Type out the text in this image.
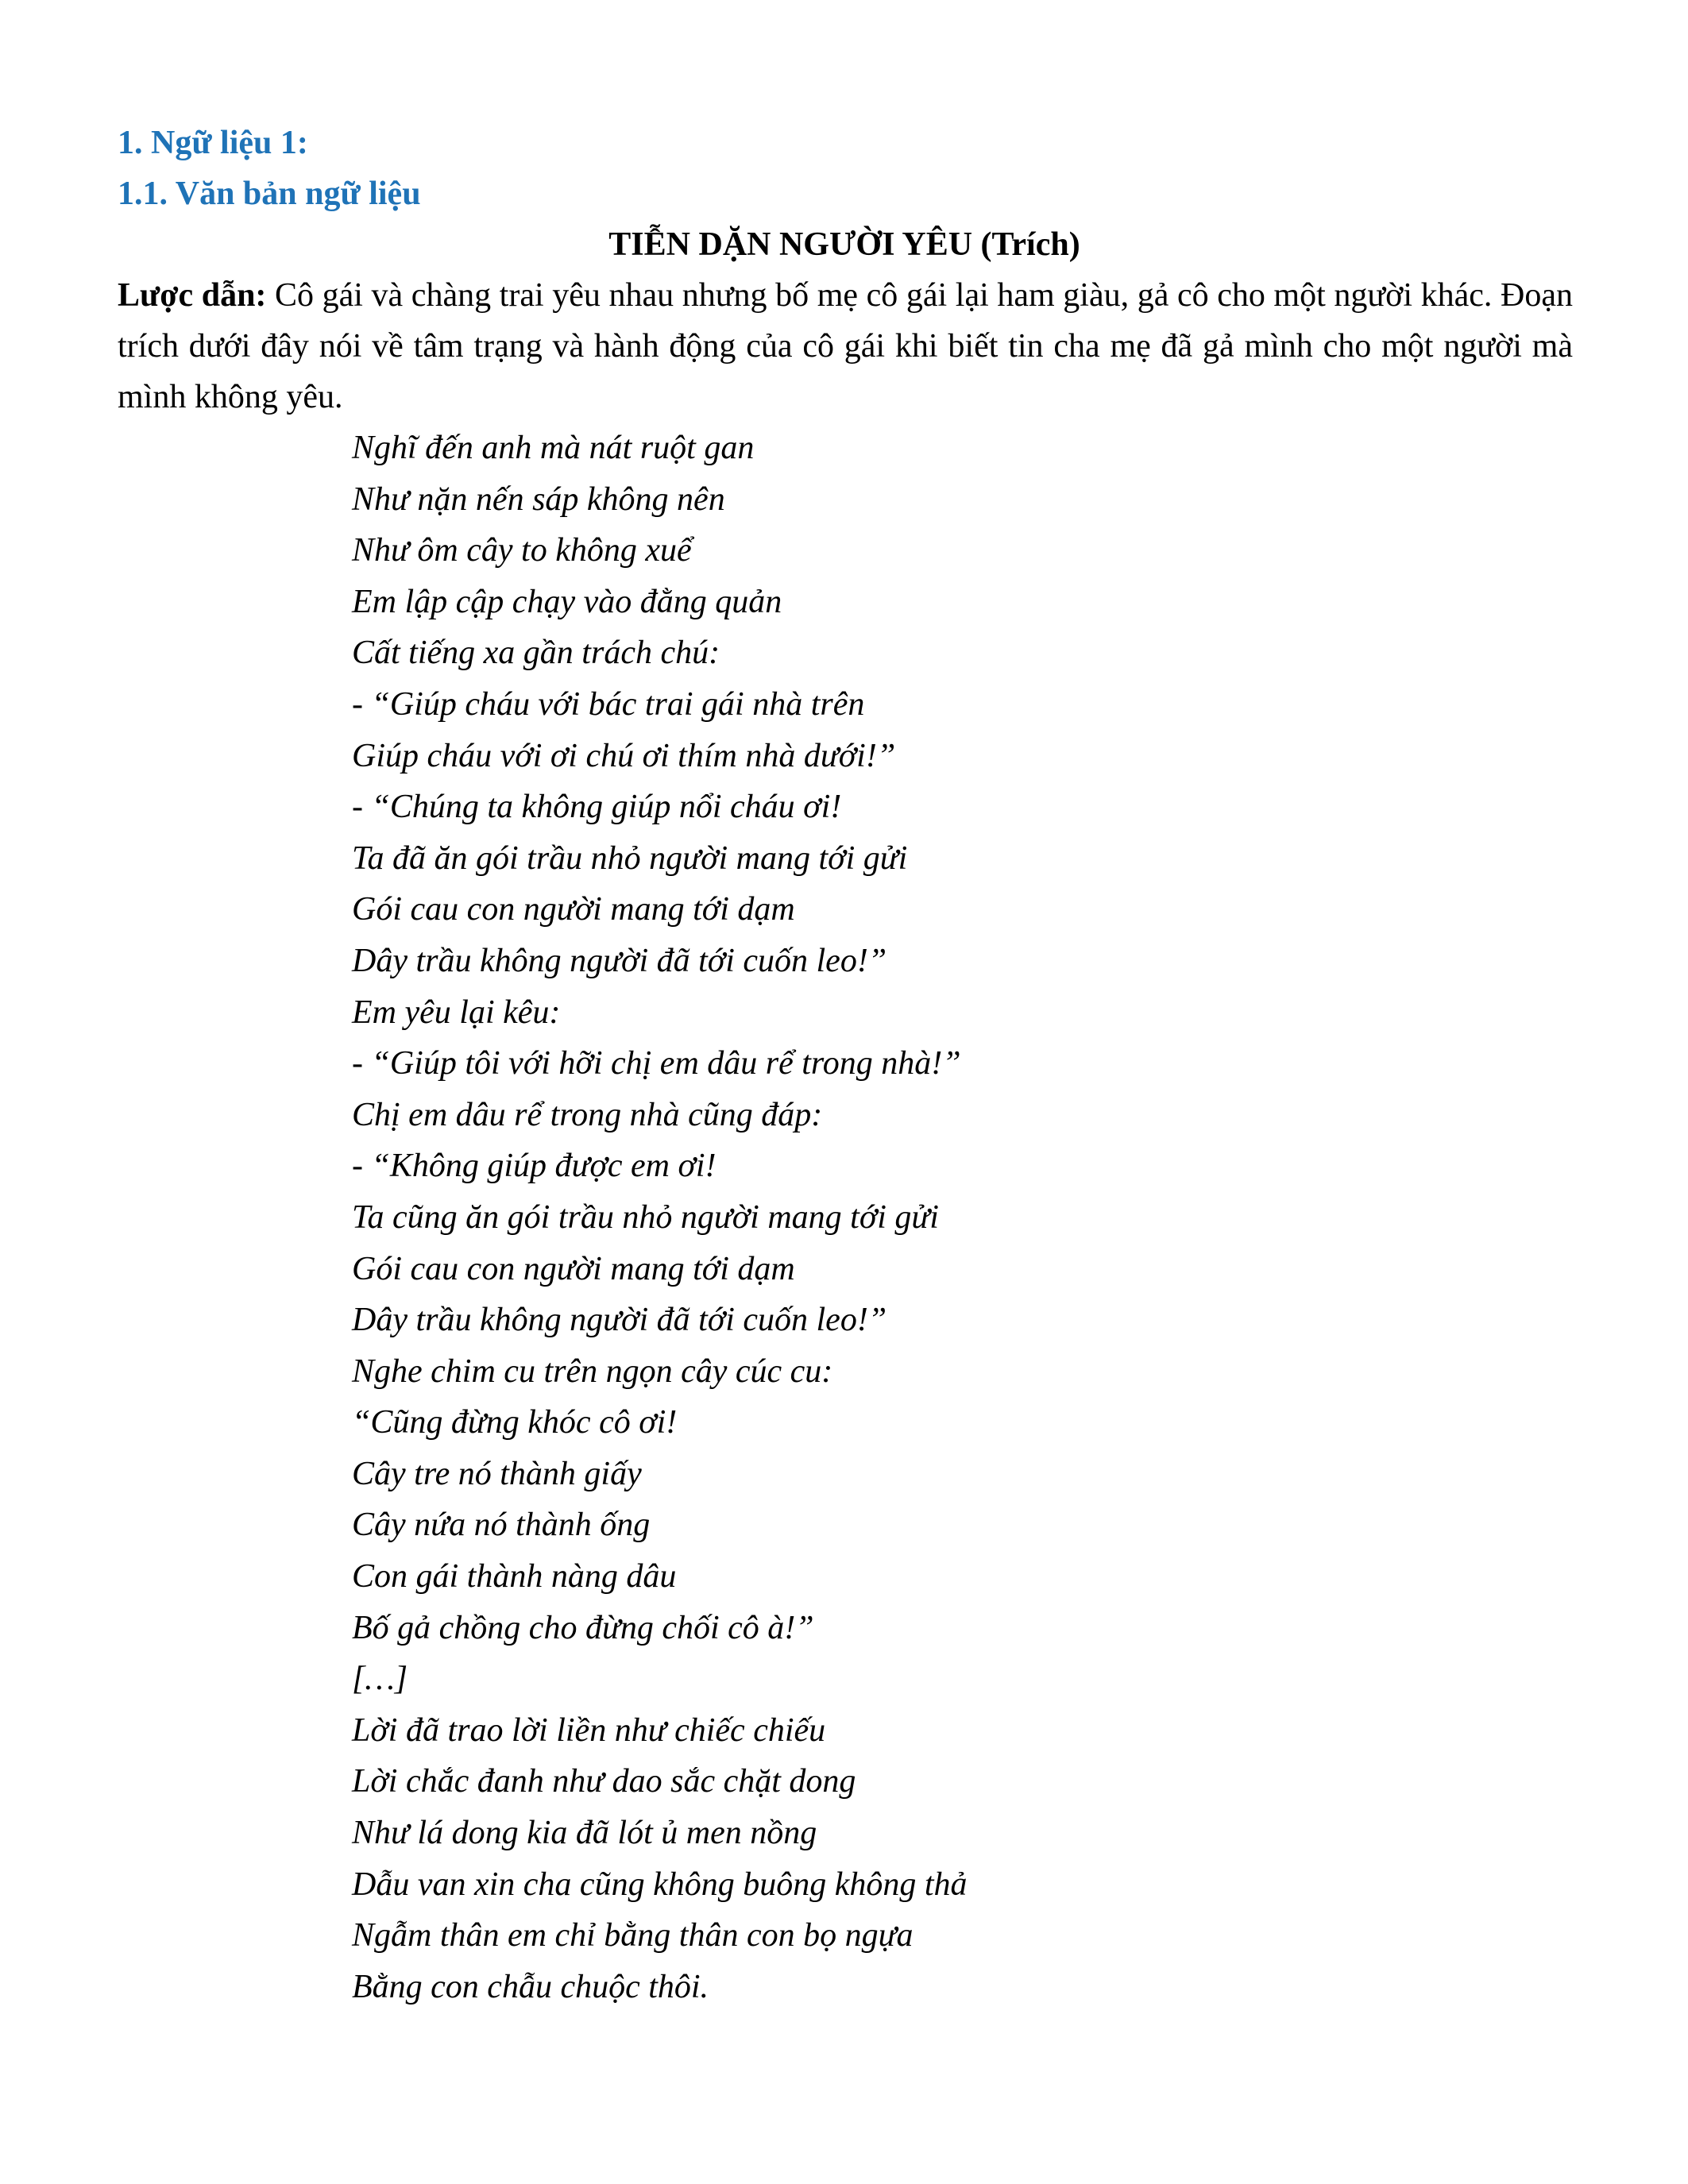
1. Ngữ liệu 1:
1.1. Văn bản ngữ liệu
TIỄN DẶN NGƯỜI YÊU (Trích)
Lược dẫn: Cô gái và chàng trai yêu nhau nhưng bố mẹ cô gái lại ham giàu, gả cô cho một người khác. Đoạn trích dưới đây nói về tâm trạng và hành động của cô gái khi biết tin cha mẹ đã gả mình cho một người mà mình không yêu.
Nghĩ đến anh mà nát ruột gan
Như nặn nến sáp không nên
Như ôm cây to không xuể
Em lập cập chạy vào đằng quản
Cất tiếng xa gần trách chú:
- “Giúp cháu với bác trai gái nhà trên
Giúp cháu với ơi chú ơi thím nhà dưới!”
- “Chúng ta không giúp nổi cháu ơi!
Ta đã ăn gói trầu nhỏ người mang tới gửi
Gói cau con người mang tới dạm
Dây trầu không người đã tới cuốn leo!”
Em yêu lại kêu:
- “Giúp tôi với hỡi chị em dâu rể trong nhà!”
Chị em dâu rể trong nhà cũng đáp:
- “Không giúp được em ơi!
Ta cũng ăn gói trầu nhỏ người mang tới gửi
Gói cau con người mang tới dạm
Dây trầu không người đã tới cuốn leo!”
Nghe chim cu trên ngọn cây cúc cu:
“Cũng đừng khóc cô ơi!
Cây tre nó thành giấy
Cây nứa nó thành ống
Con gái thành nàng dâu
Bố gả chồng cho đừng chối cô à!”
[…]
Lời đã trao lời liền như chiếc chiếu
Lời chắc đanh như dao sắc chặt dong
Như lá dong kia đã lót ủ men nồng
Dẫu van xin cha cũng không buông không thả
Ngẫm thân em chỉ bằng thân con bọ ngựa
Bằng con chẫu chuộc thôi.
